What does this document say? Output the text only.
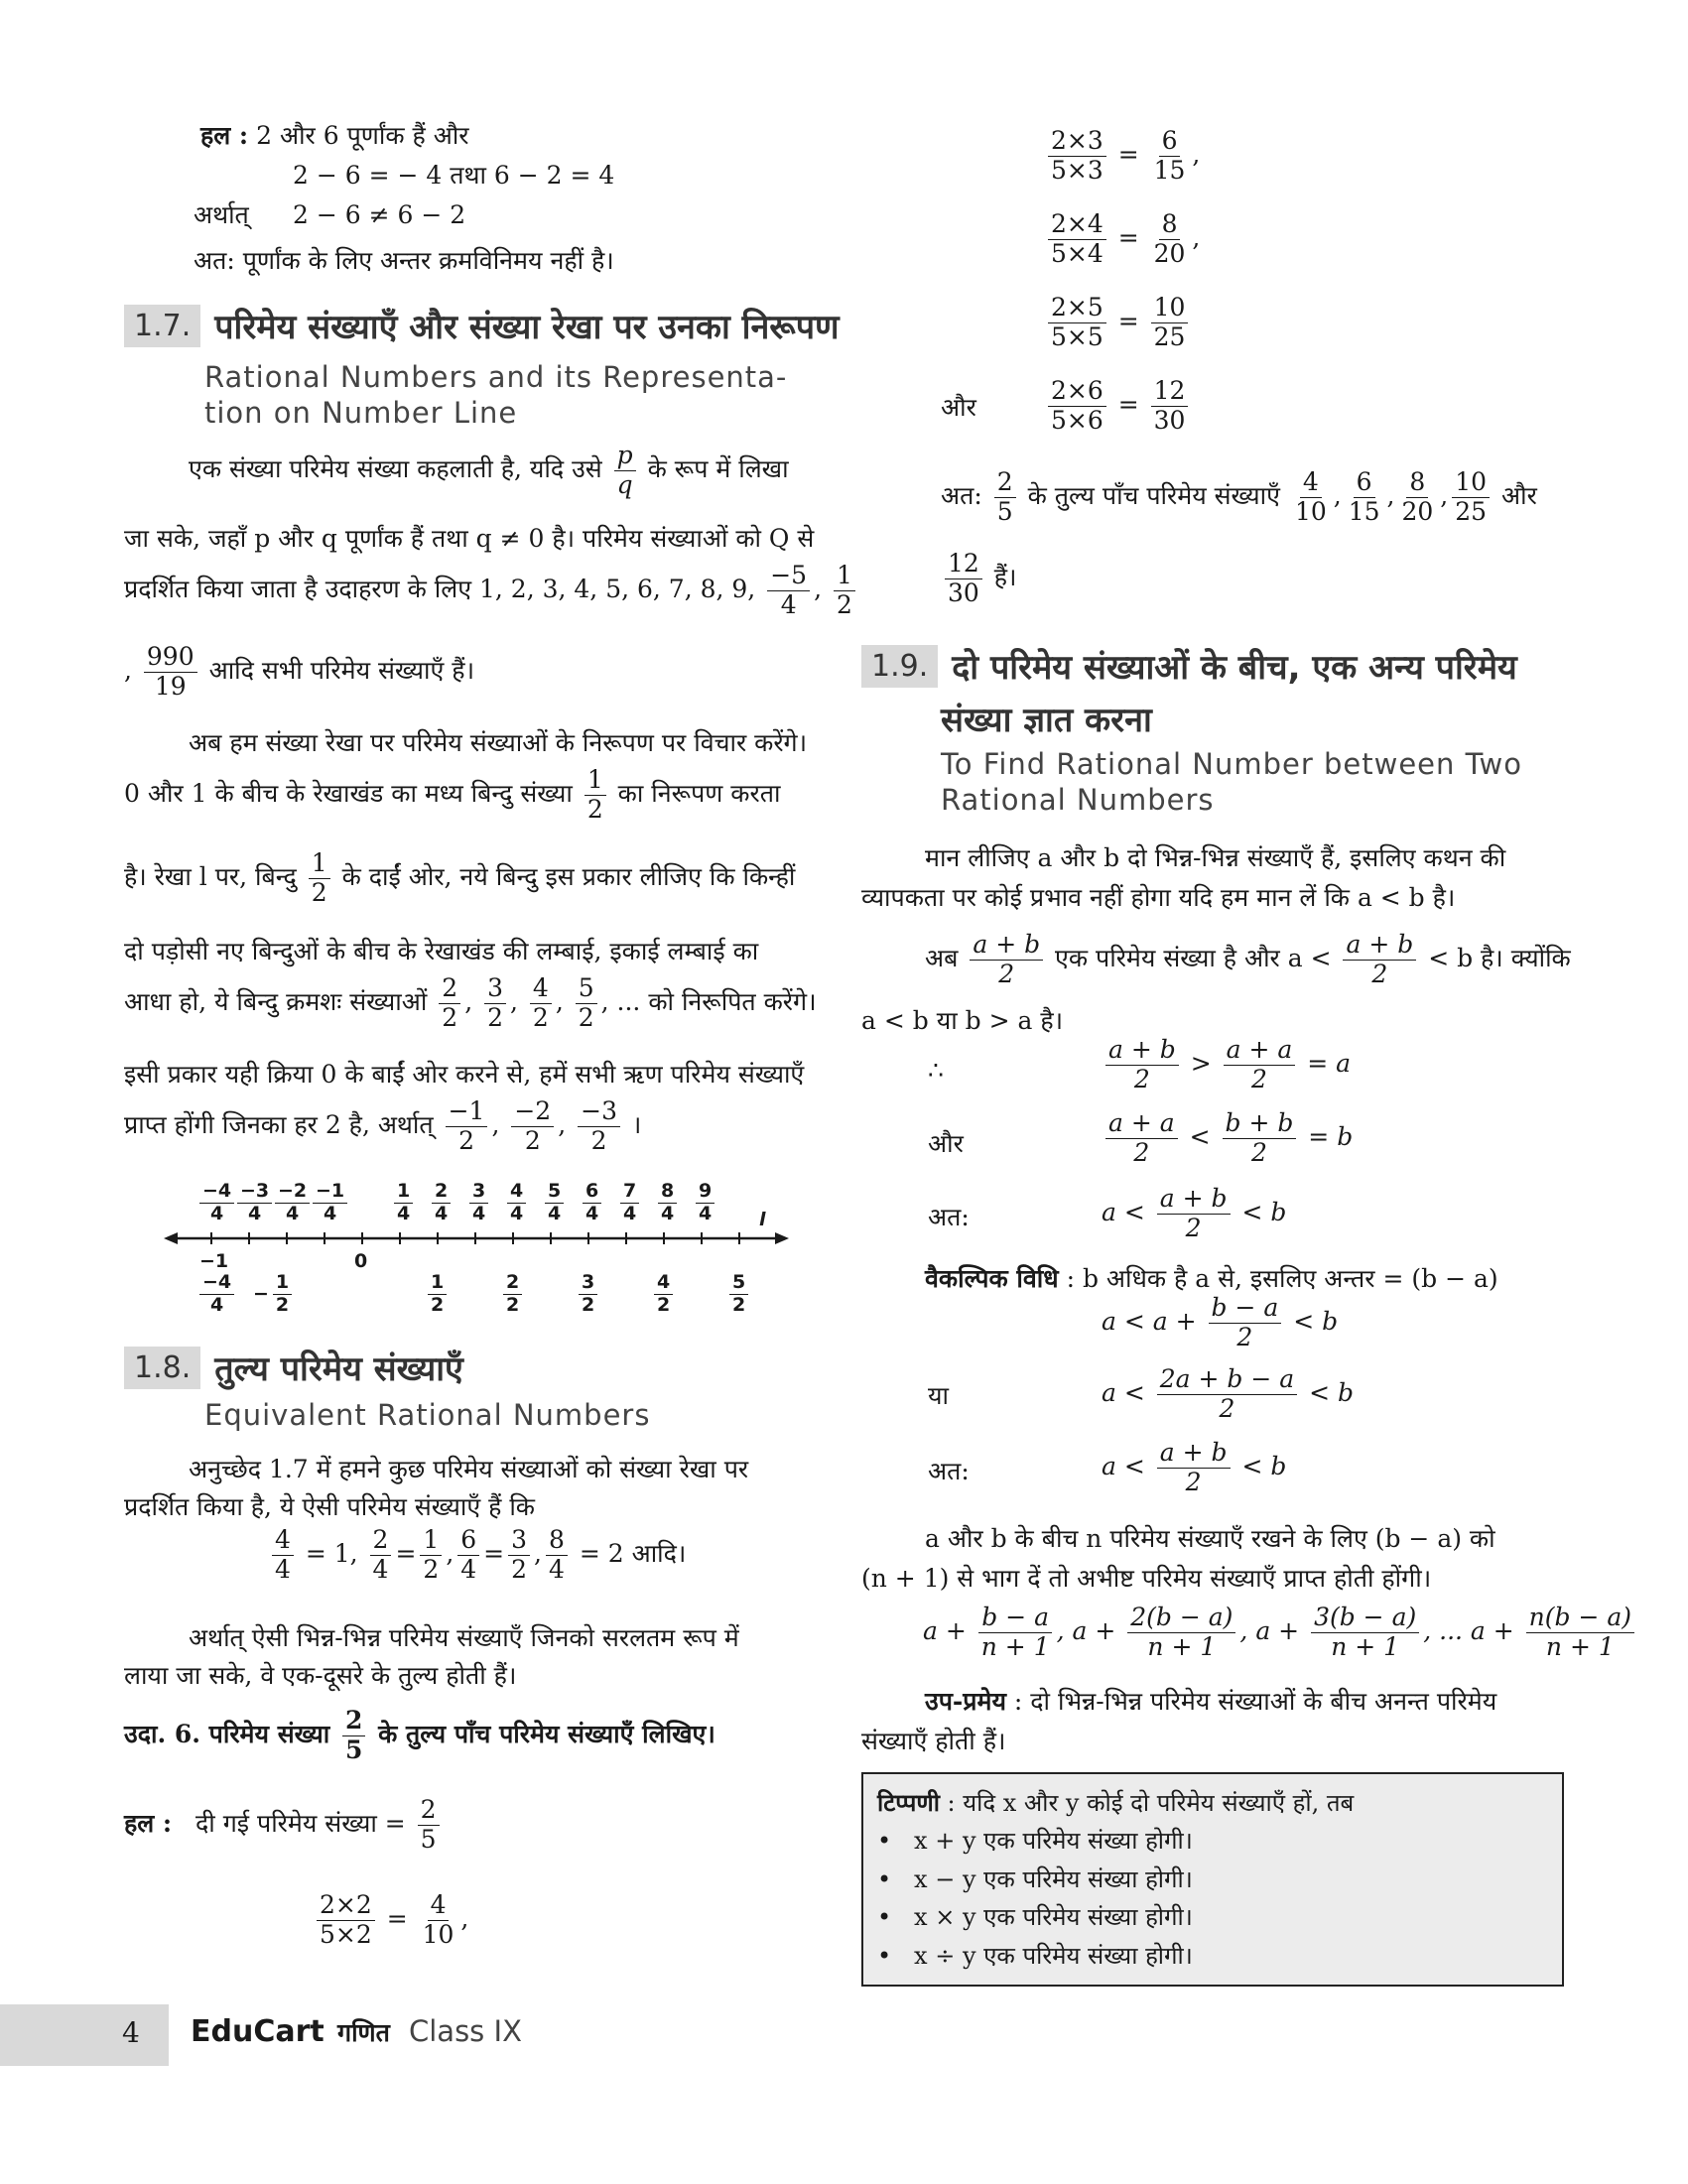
हल : 2 और 6 पूर्णांक हैं और
2 − 6 = − 4 तथा 6 − 2 = 4
अर्थात् 2 − 6 ≠ 6 − 2
अत: पूर्णांक के लिए अन्तर क्रमविनिमय नहीं है।
1.7. परिमेय संख्याएँ और संख्या रेखा पर उनका निरूपण
Rational Numbers and its Representa-
tion on Number Line
एक संख्या परिमेय संख्या कहलाती है, यदि उसे $\frac{p}{q}$ के रूप में लिखा
जा सके, जहाँ p और q पूर्णांक हैं तथा q ≠ 0 है। परिमेय संख्याओं को Q से
प्रदर्शित किया जाता है उदाहरण के लिए 1, 2, 3, 4, 5, 6, 7, 8, 9, $\frac{-5}{4}$ , $\frac{1}{2}$
, $\frac{990}{19}$ आदि सभी परिमेय संख्याएँ हैं।
अब हम संख्या रेखा पर परिमेय संख्याओं के निरूपण पर विचार करेंगे।
0 और 1 के बीच के रेखाखंड का मध्य बिन्दु संख्या $\frac{1}{2}$ का निरूपण करता
है। रेखा l पर, बिन्दु $\frac{1}{2}$ के दाईं ओर, नये बिन्दु इस प्रकार लीजिए कि किन्हीं
दो पड़ोसी नए बिन्दुओं के बीच के रेखाखंड की लम्बाई, इकाई लम्बाई का
आधा हो, ये बिन्दु क्रमशः संख्याओं $\frac{2}{2}$ , $\frac{3}{2}$ , $\frac{4}{2}$ , $\frac{5}{2}$ , ... को निरूपित करेंगे।
इसी प्रकार यही क्रिया 0 के बाईं ओर करने से, हमें सभी ऋण परिमेय संख्याएँ
प्राप्त होंगी जिनका हर 2 है, अर्थात् $\frac{-1}{2}$ , $\frac{-2}{2}$ , $\frac{-3}{2}$ ।
$\frac{-4}{4} \frac{-3}{4} \frac{-2}{4} \frac{-1}{4} \frac{1}{4} \frac{2}{4} \frac{3}{4} \frac{4}{4} \frac{5}{4} \frac{6}{4} \frac{7}{4} \frac{8}{4} \frac{9}{4}$ l
−1	0
$\frac{-4}{4} - \frac{1}{2}$	$\frac{1}{2}$	$\frac{2}{2}$	$\frac{3}{2}$	$\frac{4}{2}$	$\frac{5}{2}$
1.8. तुल्य परिमेय संख्याएँ
Equivalent Rational Numbers
अनुच्छेद 1.7 में हमने कुछ परिमेय संख्याओं को संख्या रेखा पर
प्रदर्शित किया है, ये ऐसी परिमेय संख्याएँ हैं कि
$\frac{4}{4} = 1$, $\frac{2}{4} = \frac{1}{2}$ , $\frac{6}{4} = \frac{3}{2}$ , $\frac{8}{4} = 2$ आदि।
अर्थात् ऐसी भिन्न-भिन्न परिमेय संख्याएँ जिनको सरलतम रूप में
लाया जा सके, वे एक-दूसरे के तुल्य होती हैं।
उदा. 6. परिमेय संख्या $\frac{2}{5}$ के तुल्य पाँच परिमेय संख्याएँ लिखिए।
हल : दी गई परिमेय संख्या = $\frac{2}{5}$
$\frac{2\times 2}{5\times 2} = \frac{4}{10}$ ,
$\frac{2\times 3}{5\times 3} = \frac{6}{15}$ ,
$\frac{2\times 4}{5\times 4} = \frac{8}{20}$ ,
$\frac{2\times 5}{5\times 5} = \frac{10}{25}$
और	$\frac{2\times 6}{5\times 6} = \frac{12}{30}$
अत: $\frac{2}{5}$ के तुल्य पाँच परिमेय संख्याएँ $\frac{4}{10}$ , $\frac{6}{15}$ , $\frac{8}{20}$ , $\frac{10}{25}$ और
$\frac{12}{30}$ हैं।
1.9. दो परिमेय संख्याओं के बीच, एक अन्य परिमेय
संख्या ज्ञात करना
To Find Rational Number between Two
Rational Numbers
मान लीजिए a और b दो भिन्न-भिन्न संख्याएँ हैं, इसलिए कथन की
व्यापकता पर कोई प्रभाव नहीं होगा यदि हम मान लें कि a < b है।
अब $\frac{a + b}{2}$ एक परिमेय संख्या है और $a < \frac{a + b}{2} < b$ है। क्योंकि
a < b या b > a है।
∴	$\frac{a + b}{2} > \frac{a + a}{2} = a$
और	$\frac{a + a}{2} < \frac{b + b}{2} = b$
अत:	$a < \frac{a + b}{2} < b$
वैकल्पिक विधि : b अधिक है a से, इसलिए अन्तर = (b − a)
$a < a + \frac{b - a}{2} < b$
या	$a < \frac{2a + b - a}{2} < b$
अत:	$a < \frac{a + b}{2} < b$
a और b के बीच n परिमेय संख्याएँ रखने के लिए (b − a) को
(n + 1) से भाग दें तो अभीष्ट परिमेय संख्याएँ प्राप्त होती होंगी।
$a + \frac{b - a}{n + 1}$ , $a + \frac{2(b - a)}{n + 1}$ , $a + \frac{3(b - a)}{n + 1}$ , ... $a + \frac{n(b - a)}{n + 1}$
उप-प्रमेय : दो भिन्न-भिन्न परिमेय संख्याओं के बीच अनन्त परिमेय
संख्याएँ होती हैं।
टिप्पणी : यदि x और y कोई दो परिमेय संख्याएँ हों, तब
•   x + y एक परिमेय संख्या होगी।
•   x − y एक परिमेय संख्या होगी।
•   x × y एक परिमेय संख्या होगी।
•   x ÷ y एक परिमेय संख्या होगी।
4 EduCart गणित Class IX
